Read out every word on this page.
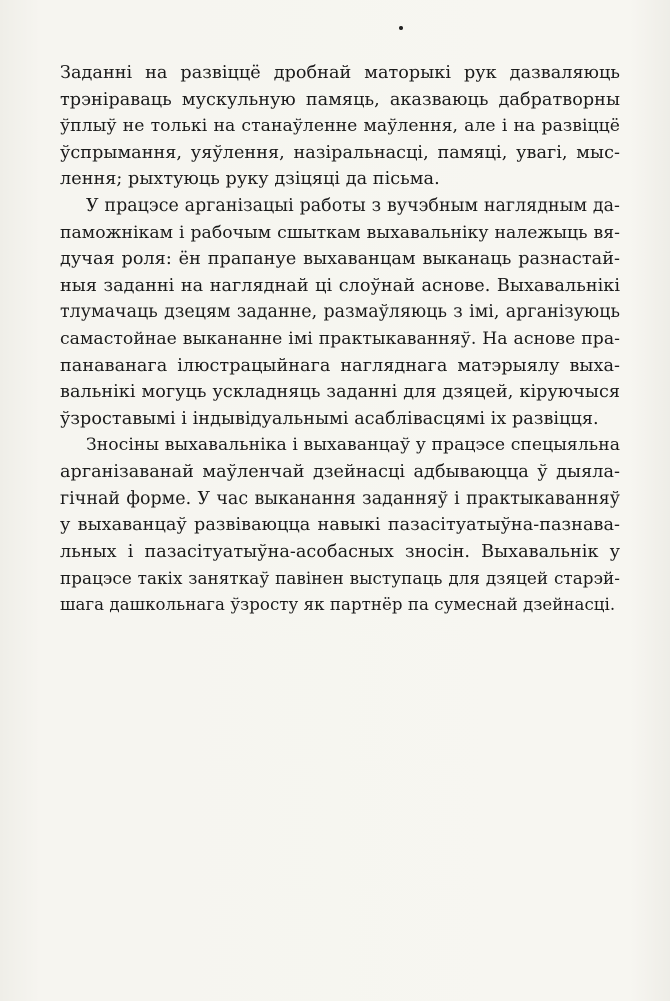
Заданні на развіццё дробнай маторыкі рук дазваляюць
трэніраваць мускульную памяць, аказваюць дабратворны
ўплыў не толькі на станаўленне маўлення, але і на развіццё
ўспрымання, уяўлення, назіральнасці, памяці, увагі, мыс-
лення; рыхтуюць руку дзіцяці да пісьма.

У працэсе арганізацыі работы з вучэбным наглядным да-
паможнікам і рабочым сшыткам выхавальніку належыць вя-
дучая роля: ён прапануе выхаванцам выканаць разнастай-
ныя заданні на нагляднай ці слоўнай аснове. Выхавальнікі
тлумачаць дзецям заданне, размаўляюць з імі, арганізуюць
самастойнае выкананне імі практыкаванняў. На аснове пра-
панаванага ілюстрацыйнага нагляднага матэрыялу выха-
вальнікі могуць ускладняць заданні для дзяцей, кіруючыся
ўзроставымі і індывідуальнымі асаблівасцямі іх развіцця.

Зносіны выхавальніка і выхаванцаў у працэсе спецыяльна
арганізаванай маўленчай дзейнасці адбываюцца ў дыяла-
гічнай форме. У час выканання заданняў і практыкаванняў
у выхаванцаў развіваюцца навыкі пазасітуатыўна-пазнава-
льных і пазасітуатыўна-асобасных зносін. Выхавальнік у
працэсе такіх заняткаў павінен выступаць для дзяцей старэй-
шага дашкольнага ўзросту як партнёр па сумеснай дзейнасці.
